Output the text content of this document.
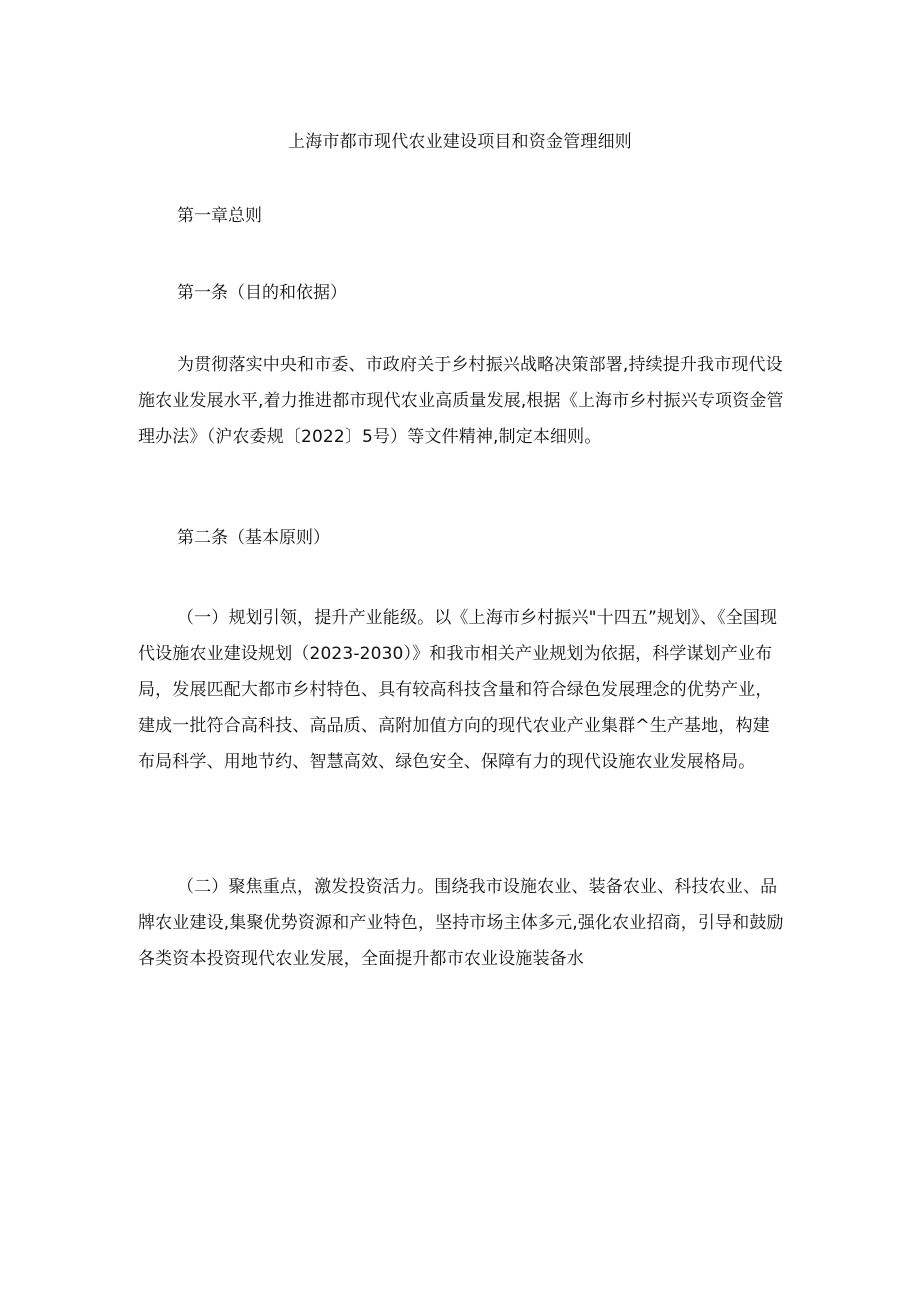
上海市都市现代农业建设项目和资金管理细则
第一章总则
第一条（目的和依据）

为贯彻落实中央和市委、市政府关于乡村振兴战略决策部署,持续提升我市现代设施农业发展水平,着力推进都市现代农业高质量发展,根据《上海市乡村振兴专项资金管理办法》（沪农委规〔2022〕5号）等文件精神,制定本细则。

第二条（基本原则）

（一）规划引领，提升产业能级。以《上海市乡村振兴"十四五”规划》、《全国现代设施农业建设规划（2023-2030）》和我市相关产业规划为依据，科学谋划产业布局，发展匹配大都市乡村特色、具有较高科技含量和符合绿色发展理念的优势产业，建成一批符合高科技、高品质、高附加值方向的现代农业产业集群^生产基地，构建布局科学、用地节约、智慧高效、绿色安全、保障有力的现代设施农业发展格局。

（二）聚焦重点，激发投资活力。围绕我市设施农业、装备农业、科技农业、品牌农业建设,集聚优势资源和产业特色，坚持市场主体多元,强化农业招商，引导和鼓励各类资本投资现代农业发展，全面提升都市农业设施装备水
